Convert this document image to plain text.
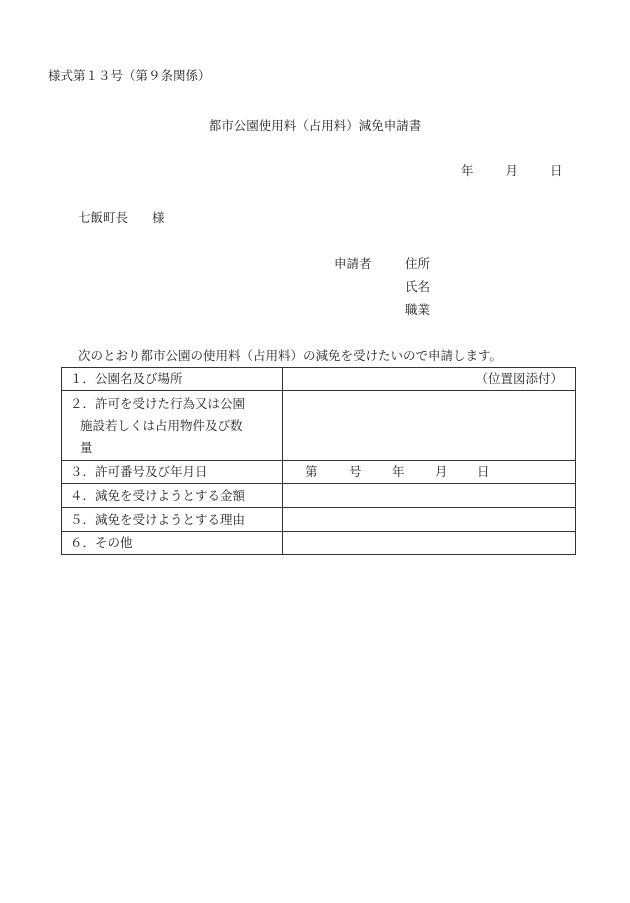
様式第１３号（第９条関係）
都市公園使用料（占用料）減免申請書
年	月	日
七飯町長 様
申請者	住所
氏名
職業
次のとおり都市公園の使用料（占用料）の減免を受けたいので申請します。
１．公園名及び場所	（位置図添付）

２．許可を受けた行為又は公園
施設若しくは占用物件及び数
量	

３．許可番号及び年月日	第 号 年 月 日

４．減免を受けようとする金額	
５．減免を受けようとする理由	
６．その他	
